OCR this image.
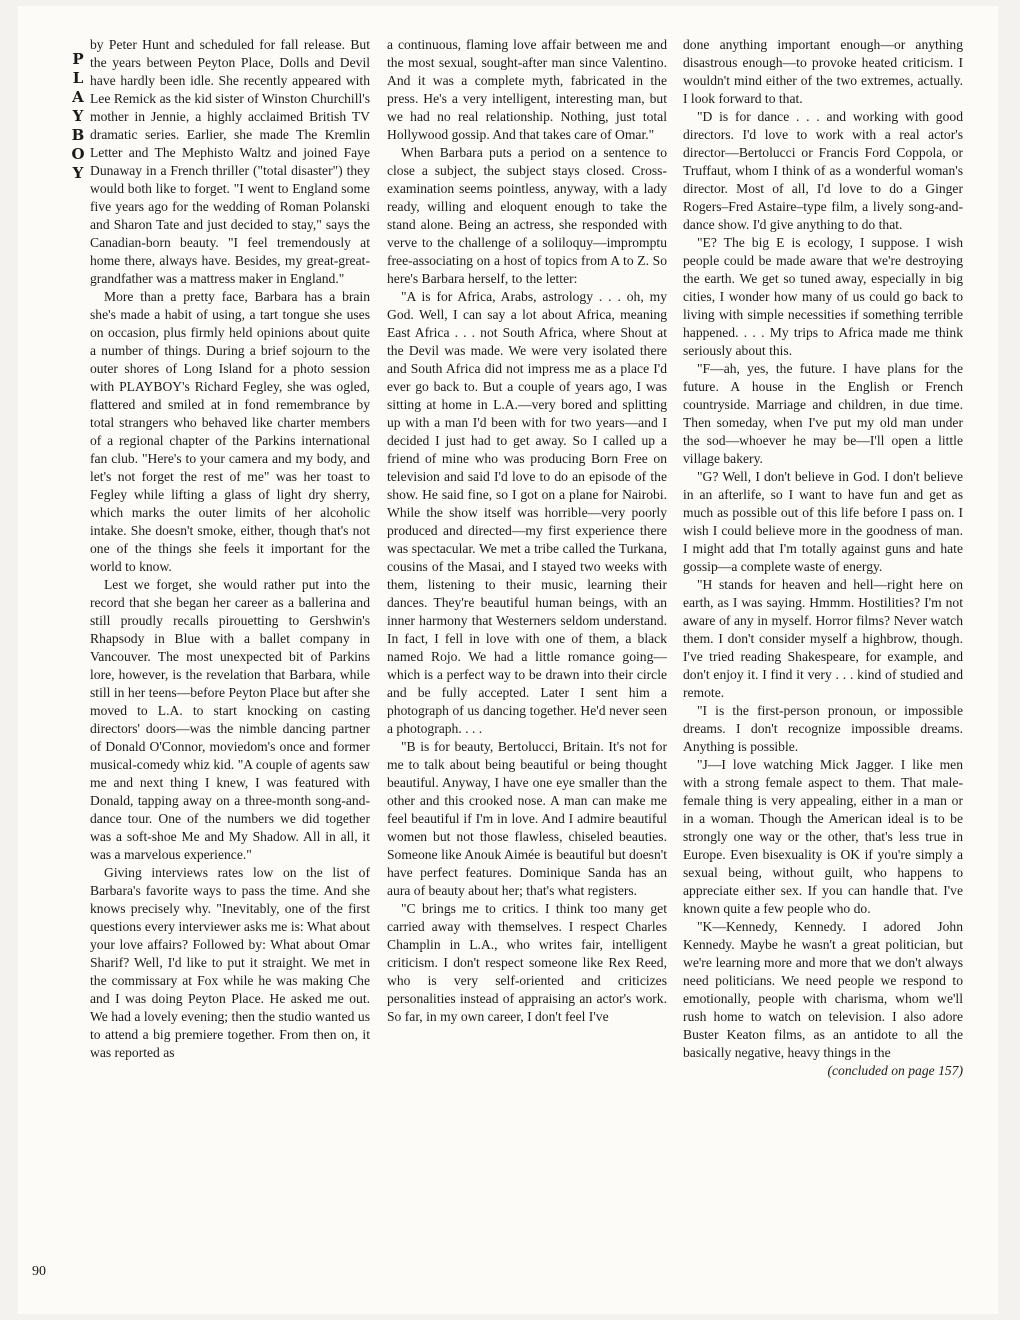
P
L
A
Y
B
O
Y

by Peter Hunt and scheduled for fall release. But the years between Peyton Place, Dolls and Devil have hardly been idle. She recently appeared with Lee Remick as the kid sister of Winston Churchill's mother in Jennie, a highly acclaimed British TV dramatic series. Earlier, she made The Kremlin Letter and The Mephisto Waltz and joined Faye Dunaway in a French thriller ("total disaster") they would both like to forget. "I went to England some five years ago for the wedding of Roman Polanski and Sharon Tate and just decided to stay," says the Canadian-born beauty. "I feel tremendously at home there, always have. Besides, my great-great-grandfather was a mattress maker in England."

More than a pretty face, Barbara has a brain she's made a habit of using, a tart tongue she uses on occasion, plus firmly held opinions about quite a number of things. During a brief sojourn to the outer shores of Long Island for a photo session with PLAYBOY's Richard Fegley, she was ogled, flattered and smiled at in fond remembrance by total strangers who behaved like charter members of a regional chapter of the Parkins international fan club. "Here's to your camera and my body, and let's not forget the rest of me" was her toast to Fegley while lifting a glass of light dry sherry, which marks the outer limits of her alcoholic intake. She doesn't smoke, either, though that's not one of the things she feels it important for the world to know.

Lest we forget, she would rather put into the record that she began her career as a ballerina and still proudly recalls pirouetting to Gershwin's Rhapsody in Blue with a ballet company in Vancouver. The most unexpected bit of Parkins lore, however, is the revelation that Barbara, while still in her teens—before Peyton Place but after she moved to L.A. to start knocking on casting directors' doors—was the nimble dancing partner of Donald O'Connor, moviedom's once and former musical-comedy whiz kid. "A couple of agents saw me and next thing I knew, I was featured with Donald, tapping away on a three-month song-and-dance tour. One of the numbers we did together was a soft-shoe Me and My Shadow. All in all, it was a marvelous experience."

Giving interviews rates low on the list of Barbara's favorite ways to pass the time. And she knows precisely why. "Inevitably, one of the first questions every interviewer asks me is: What about your love affairs? Followed by: What about Omar Sharif? Well, I'd like to put it straight. We met in the commissary at Fox while he was making Che and I was doing Peyton Place. He asked me out. We had a lovely evening; then the studio wanted us to attend a big premiere together. From then on, it was reported as

a continuous, flaming love affair between me and the most sexual, sought-after man since Valentino. And it was a complete myth, fabricated in the press. He's a very intelligent, interesting man, but we had no real relationship. Nothing, just total Hollywood gossip. And that takes care of Omar."

When Barbara puts a period on a sentence to close a subject, the subject stays closed. Cross-examination seems pointless, anyway, with a lady ready, willing and eloquent enough to take the stand alone. Being an actress, she responded with verve to the challenge of a soliloquy—impromptu free-associating on a host of topics from A to Z. So here's Barbara herself, to the letter:

"A is for Africa, Arabs, astrology . . . oh, my God. Well, I can say a lot about Africa, meaning East Africa . . . not South Africa, where Shout at the Devil was made. We were very isolated there and South Africa did not impress me as a place I'd ever go back to. But a couple of years ago, I was sitting at home in L.A.—very bored and splitting up with a man I'd been with for two years—and I decided I just had to get away. So I called up a friend of mine who was producing Born Free on television and said I'd love to do an episode of the show. He said fine, so I got on a plane for Nairobi. While the show itself was horrible—very poorly produced and directed—my first experience there was spectacular. We met a tribe called the Turkana, cousins of the Masai, and I stayed two weeks with them, listening to their music, learning their dances. They're beautiful human beings, with an inner harmony that Westerners seldom understand. In fact, I fell in love with one of them, a black named Rojo. We had a little romance going—which is a perfect way to be drawn into their circle and be fully accepted. Later I sent him a photograph of us dancing together. He'd never seen a photograph. . . .

"B is for beauty, Bertolucci, Britain. It's not for me to talk about being beautiful or being thought beautiful. Anyway, I have one eye smaller than the other and this crooked nose. A man can make me feel beautiful if I'm in love. And I admire beautiful women but not those flawless, chiseled beauties. Someone like Anouk Aimée is beautiful but doesn't have perfect features. Dominique Sanda has an aura of beauty about her; that's what registers.

"C brings me to critics. I think too many get carried away with themselves. I respect Charles Champlin in L.A., who writes fair, intelligent criticism. I don't respect someone like Rex Reed, who is very self-oriented and criticizes personalities instead of appraising an actor's work. So far, in my own career, I don't feel I've

done anything important enough—or anything disastrous enough—to provoke heated criticism. I wouldn't mind either of the two extremes, actually. I look forward to that.

"D is for dance . . . and working with good directors. I'd love to work with a real actor's director—Bertolucci or Francis Ford Coppola, or Truffaut, whom I think of as a wonderful woman's director. Most of all, I'd love to do a Ginger Rogers–Fred Astaire–type film, a lively song-and-dance show. I'd give anything to do that.

"E? The big E is ecology, I suppose. I wish people could be made aware that we're destroying the earth. We get so tuned away, especially in big cities, I wonder how many of us could go back to living with simple necessities if something terrible happened. . . . My trips to Africa made me think seriously about this.

"F—ah, yes, the future. I have plans for the future. A house in the English or French countryside. Marriage and children, in due time. Then someday, when I've put my old man under the sod—whoever he may be—I'll open a little village bakery.

"G? Well, I don't believe in God. I don't believe in an afterlife, so I want to have fun and get as much as possible out of this life before I pass on. I wish I could believe more in the goodness of man. I might add that I'm totally against guns and hate gossip—a complete waste of energy.

"H stands for heaven and hell—right here on earth, as I was saying. Hmmm. Hostilities? I'm not aware of any in myself. Horror films? Never watch them. I don't consider myself a highbrow, though. I've tried reading Shakespeare, for example, and don't enjoy it. I find it very . . . kind of studied and remote.

"I is the first-person pronoun, or impossible dreams. I don't recognize impossible dreams. Anything is possible.

"J—I love watching Mick Jagger. I like men with a strong female aspect to them. That male-female thing is very appealing, either in a man or in a woman. Though the American ideal is to be strongly one way or the other, that's less true in Europe. Even bisexuality is OK if you're simply a sexual being, without guilt, who happens to appreciate either sex. If you can handle that. I've known quite a few people who do.

"K—Kennedy, Kennedy. I adored John Kennedy. Maybe he wasn't a great politician, but we're learning more and more that we don't always need politicians. We need people we respond to emotionally, people with charisma, whom we'll rush home to watch on television. I also adore Buster Keaton films, as an antidote to all the basically negative, heavy things in the

(concluded on page 157)

90
